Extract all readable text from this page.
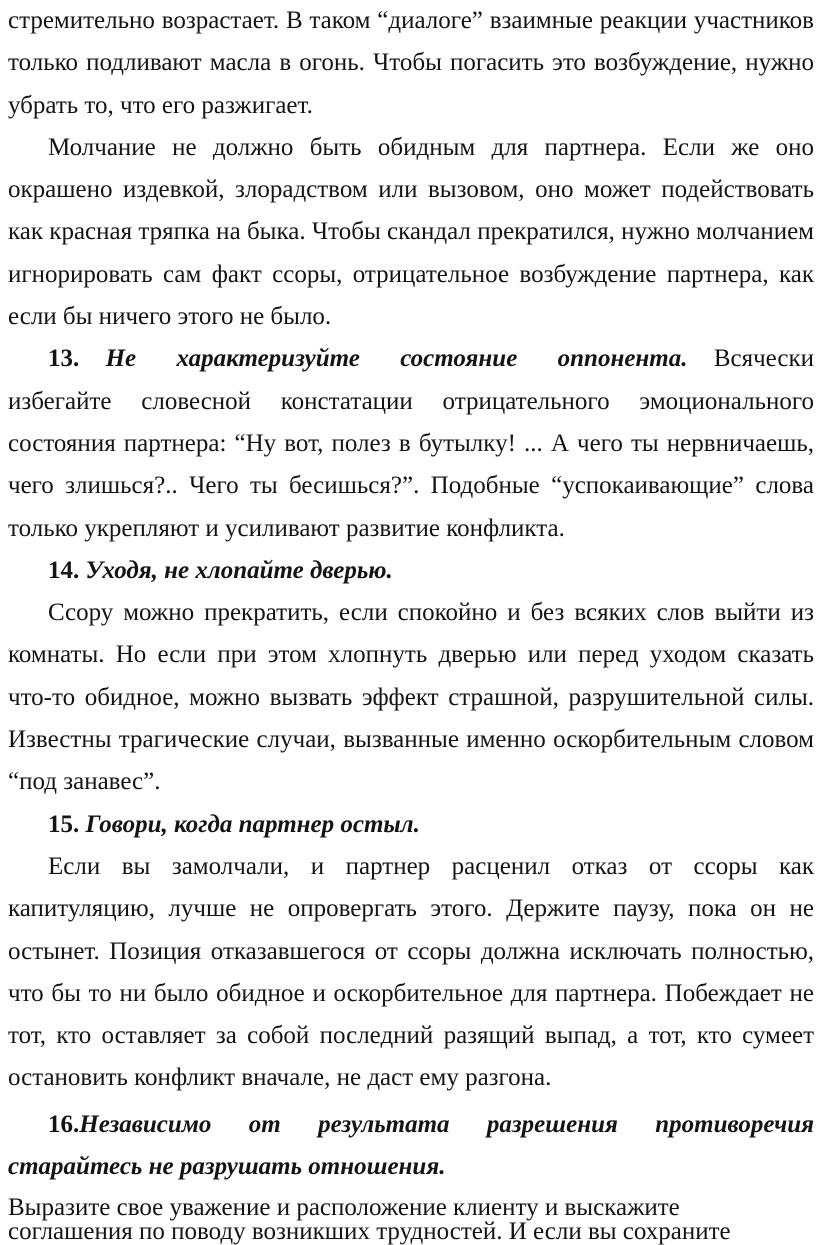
стремительно возрастает. В таком “диалоге” взаимные реакции участников только подливают масла в огонь. Чтобы погасить это возбуждение, нужно убрать то, что его разжигает.

Молчание не должно быть обидным для партнера. Если же оно окрашено издевкой, злорадством или вызовом, оно может подействовать как красная тряпка на быка. Чтобы скандал прекратился, нужно молчанием игнорировать сам факт ссоры, отрицательное возбуждение партнера, как если бы ничего этого не было.

13. Не характеризуйте состояние оппонента. Всячески избегайте словесной констатации отрицательного эмоционального состояния партнера: “Ну вот, полез в бутылку! ... А чего ты нервничаешь, чего злишься?.. Чего ты бесишься?”. Подобные “успокаивающие” слова только укрепляют и усиливают развитие конфликта.

14. Уходя, не хлопайте дверью.

Ссору можно прекратить, если спокойно и без всяких слов выйти из комнаты. Но если при этом хлопнуть дверью или перед уходом сказать что-то обидное, можно вызвать эффект страшной, разрушительной силы. Известны трагические случаи, вызванные именно оскорбительным словом “под занавес”.

15. Говори, когда партнер остыл.

Если вы замолчали, и партнер расценил отказ от ссоры как капитуляцию, лучше не опровергать этого. Держите паузу, пока он не остынет. Позиция отказавшегося от ссоры должна исключать полностью, что бы то ни было обидное и оскорбительное для партнера. Побеждает не тот, кто оставляет за собой последний разящий выпад, а тот, кто сумеет остановить конфликт вначале, не даст ему разгона.

16.Независимо от результата разрешения противоречия старайтесь не разрушать отношения.

Выразите свое уважение и расположение клиенту и выскажите соглашения по поводу возникших трудностей. И если вы сохраните
